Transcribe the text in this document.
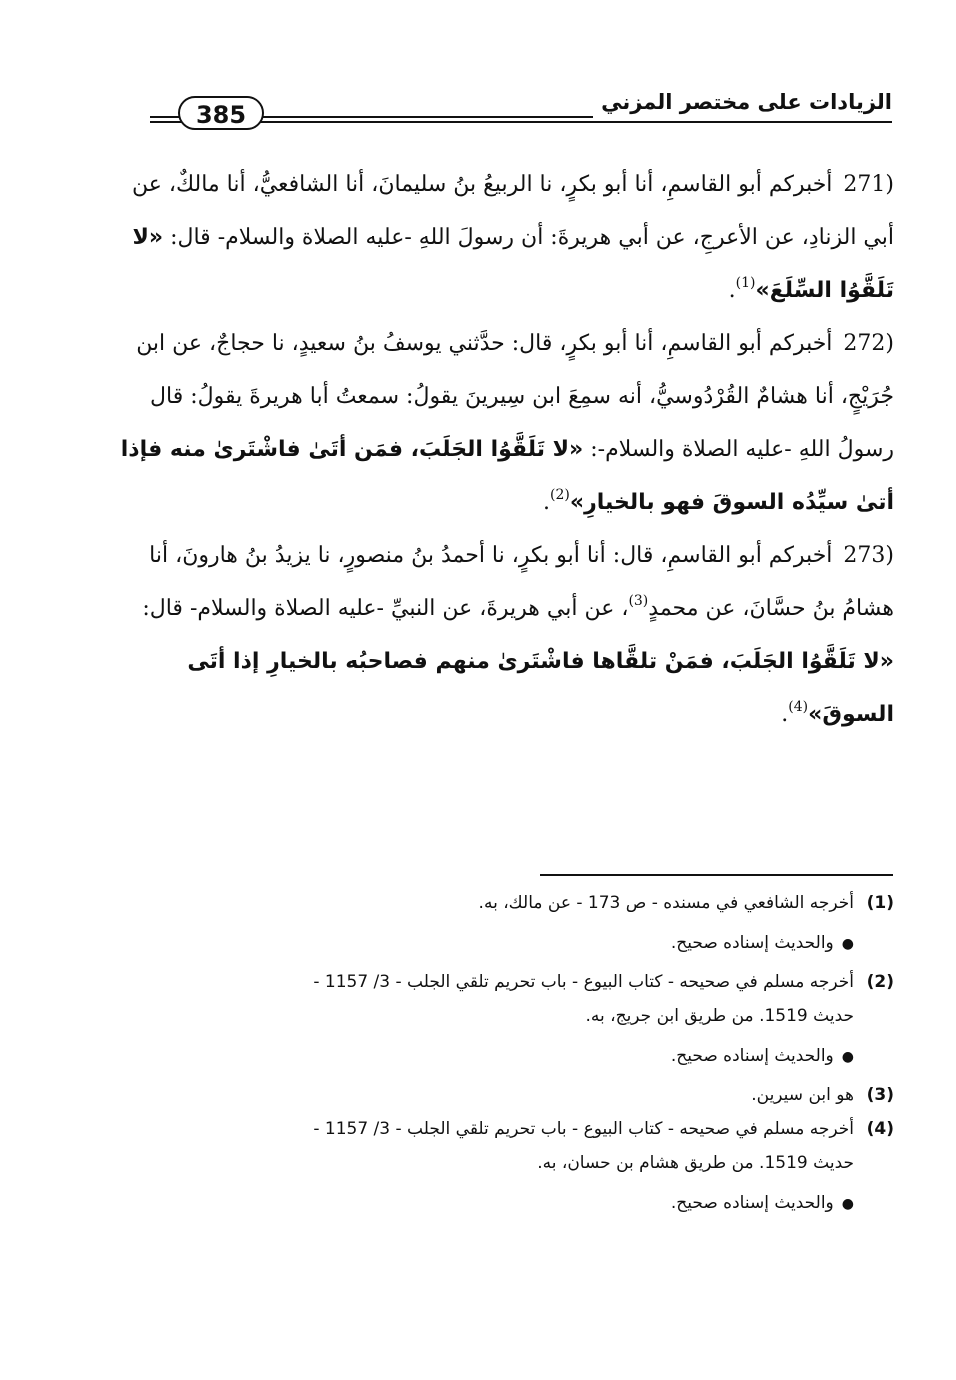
385	الزيادات على مختصر المزني
271) أخبركم أبو القاسمِ، أنا أبو بكرٍ، نا الربيعُ بنُ سليمانَ، أنا الشافعيُّ، أنا مالكٌ، عن أبي الزنادِ، عن الأعرجِ، عن أبي هريرةَ: أن رسولَ اللهِ -عليه الصلاة والسلام- قال: «لا تَلَقَّوُا السِّلَعَ»$^{(1)}$.
272) أخبركم أبو القاسمِ، أنا أبو بكرٍ، قال: حدَّثني يوسفُ بنُ سعيدٍ، نا حجاجٌ، عن ابن جُرَيْجٍ، أنا هشامٌ القُرْدُوسيُّ، أنه سمِعَ ابن سِيرينَ يقولُ: سمعتُ أبا هريرةَ يقولُ: قال رسولُ اللهِ -عليه الصلاة والسلام-: «لا تَلَقَّوُا الجَلَبَ، فمَن أتَىٰ فاشْتَرىٰ منه فإذا أتىٰ سيِّدُه السوقَ فهو بالخيارِ»$^{(2)}$.
273) أخبركم أبو القاسمِ، قال: أنا أبو بكرٍ، نا أحمدُ بنُ منصورٍ، نا يزيدُ بنُ هارونَ، أنا هشامُ بنُ حسَّانَ، عن محمدٍ$^{(3)}$، عن أبي هريرةَ، عن النبيِّ -عليه الصلاة والسلام- قال: «لا تَلَقَّوُا الجَلَبَ، فمَنْ تلقَّاها فاشْتَرىٰ منهم فصاحبُه بالخيارِ إذا أتَى السوقَ»$^{(4)}$.
(1)
أخرجه الشافعي في مسنده - ص 173 - عن مالك، به.
●والحديث إسناده صحيح.
(2)
أخرجه مسلم في صحيحه - كتاب البيوع - باب تحريم تلقي الجلب - 3/ 1157 -
حديث 1519. من طريق ابن جريج، به.
●والحديث إسناده صحيح.
(3)
هو ابن سيرين.
(4)
أخرجه مسلم في صحيحه - كتاب البيوع - باب تحريم تلقي الجلب - 3/ 1157 -
حديث 1519. من طريق هشام بن حسان، به.
●والحديث إسناده صحيح.
